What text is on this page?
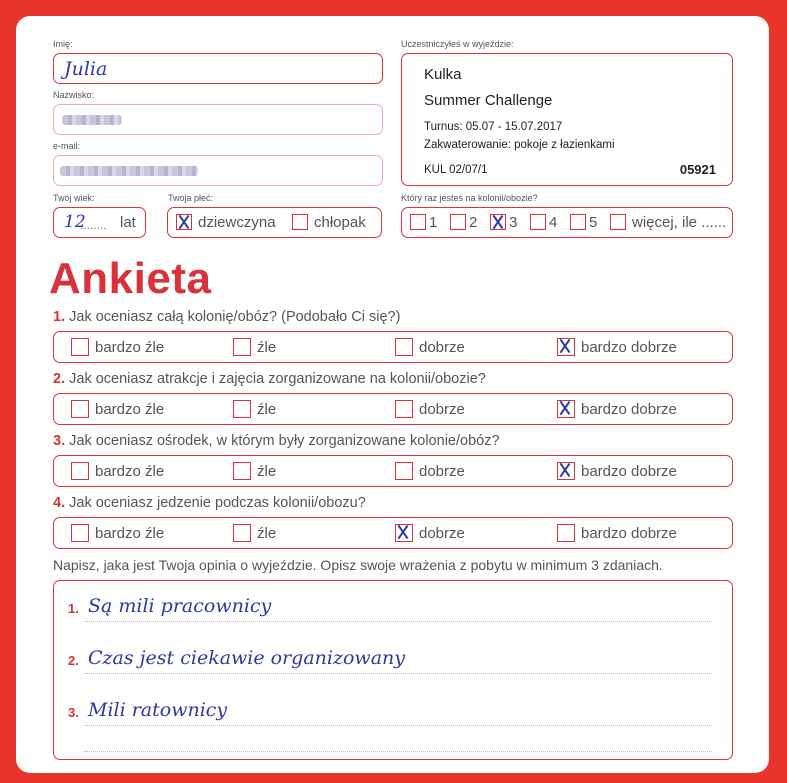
Imię:
Julia
Nazwisko:
e-mail:
Twój wiek:
12
........ lat
Twoja płeć:
dziewczyna	chłopak
Uczestniczyłeś w wyjeździe:
Kulka
Summer Challenge
Turnus: 05.07 - 15.07.2017
Zakwaterowanie: pokoje z łazienkami
KUL 02/07/1	05921
Który raz jesteś na kolonii/obozie?
1	2	3	4	5	więcej, ile ......
Ankieta
1. Jak oceniasz całą kolonię/obóz? (Podobało Ci się?)
bardzo źle	źle	dobrze	bardzo dobrze
2. Jak oceniasz atrakcje i zajęcia zorganizowane na kolonii/obozie?
bardzo źle	źle	dobrze	bardzo dobrze
3. Jak oceniasz ośrodek, w którym były zorganizowane kolonie/obóz?
bardzo źle	źle	dobrze	bardzo dobrze
4. Jak oceniasz jedzenie podczas kolonii/obozu?
bardzo źle	źle	dobrze	bardzo dobrze
Napisz, jaka jest Twoja opinia o wyjeździe. Opisz swoje wrażenia z pobytu w minimum 3 zdaniach.
1. Są mili pracownicy
2. Czas jest ciekawie organizowany
3. Mili ratownicy
